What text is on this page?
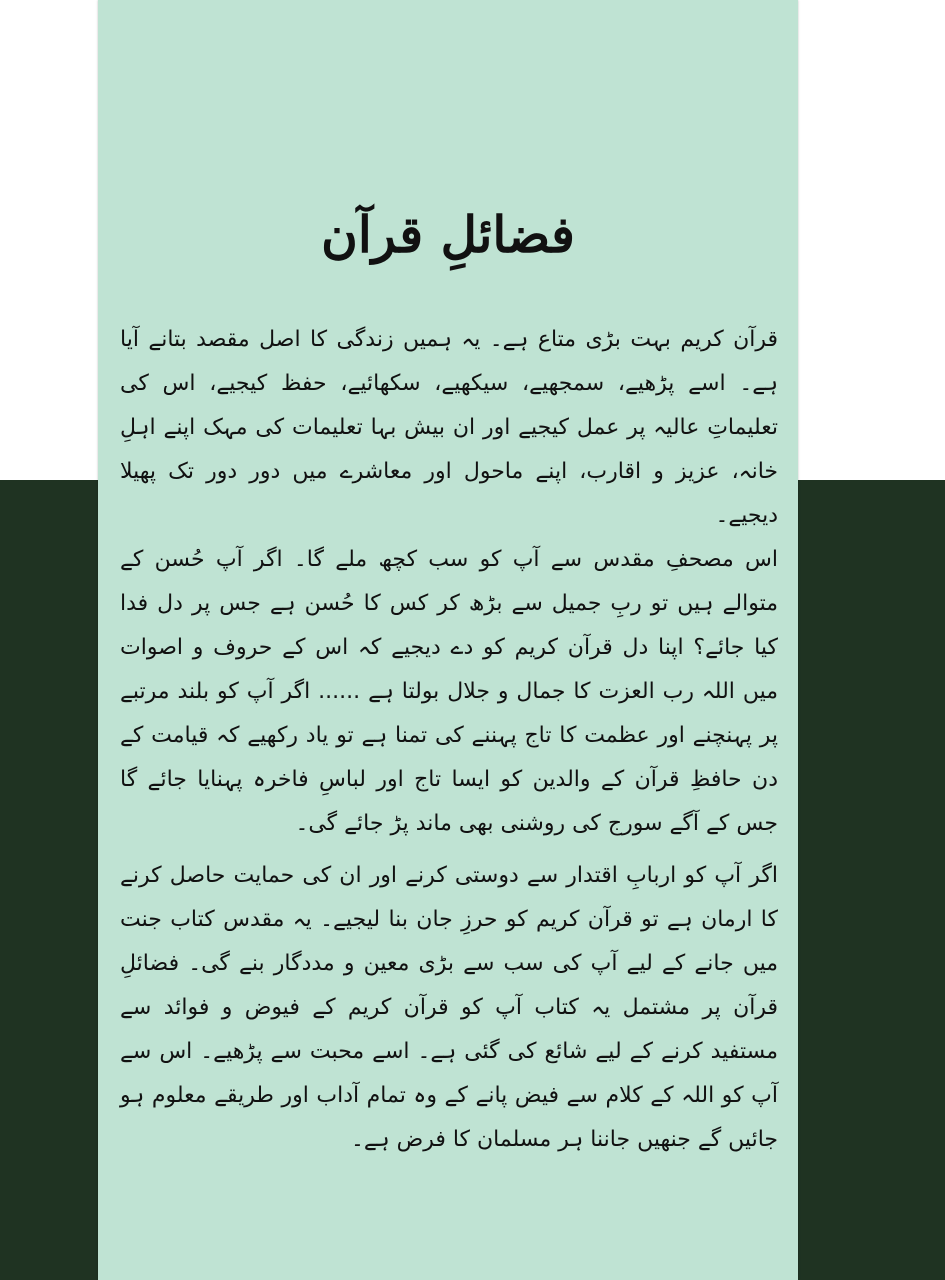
فضائلِ قرآن

قرآن کریم بہت بڑی متاع ہے۔ یہ ہمیں زندگی کا اصل مقصد بتانے آیا ہے۔ اسے پڑھیے، سمجھیے، سیکھیے، سکھائیے، حفظ کیجیے، اس کی تعلیماتِ عالیہ پر عمل کیجیے اور ان بیش بہا تعلیمات کی مہک اپنے اہلِ خانہ، عزیز و اقارب، اپنے ماحول اور معاشرے میں دور دور تک پھیلا دیجیے۔

اس مصحفِ مقدس سے آپ کو سب کچھ ملے گا۔ اگر آپ حُسن کے متوالے ہیں تو ربِ جمیل سے بڑھ کر کس کا حُسن ہے جس پر دل فدا کیا جائے؟ اپنا دل قرآن کریم کو دے دیجیے کہ اس کے حروف و اصوات میں اللہ رب العزت کا جمال و جلال بولتا ہے ...... اگر آپ کو بلند مرتبے پر پہنچنے اور عظمت کا تاج پہننے کی تمنا ہے تو یاد رکھیے کہ قیامت کے دن حافظِ قرآن کے والدین کو ایسا تاج اور لباسِ فاخرہ پہنایا جائے گا جس کے آگے سورج کی روشنی بھی ماند پڑ جائے گی۔

اگر آپ کو اربابِ اقتدار سے دوستی کرنے اور ان کی حمایت حاصل کرنے کا ارمان ہے تو قرآن کریم کو حرزِ جان بنا لیجیے۔ یہ مقدس کتاب جنت میں جانے کے لیے آپ کی سب سے بڑی معین و مددگار بنے گی۔ فضائلِ قرآن پر مشتمل یہ کتاب آپ کو قرآن کریم کے فیوض و فوائد سے مستفید کرنے کے لیے شائع کی گئی ہے۔ اسے محبت سے پڑھیے۔ اس سے آپ کو اللہ کے کلام سے فیض پانے کے وہ تمام آداب اور طریقے معلوم ہو جائیں گے جنھیں جاننا ہر مسلمان کا فرض ہے۔
